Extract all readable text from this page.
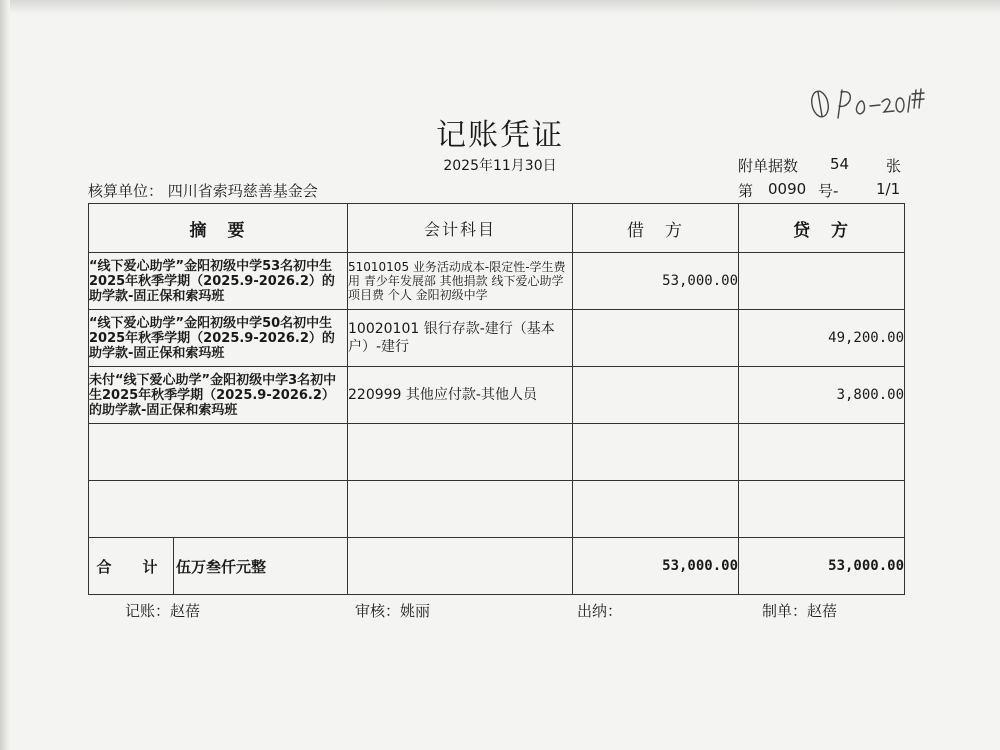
记账凭证
2025年11月30日	附单据数 54 张
核算单位： 四川省索玛慈善基金会	第 0090 号-	1/1
摘　要	会计科目	借　方	贷　方
“线下爱心助学”金阳初级中学53名初中生2025年秋季学期（2025.9-2026.2）的助学款-固正保和索玛班	51010105 业务活动成本-限定性-学生费用 青少年发展部 其他捐款 线下爱心助学 项目费 个人 金阳初级中学	53,000.00	
“线下爱心助学”金阳初级中学50名初中生2025年秋季学期（2025.9-2026.2）的助学款-固正保和索玛班	10020101 银行存款-建行（基本户）-建行		49,200.00
未付“线下爱心助学”金阳初级中学3名初中生2025年秋季学期（2025.9-2026.2）的助学款-固正保和索玛班	220999 其他应付款-其他人员		3,800.00

合　计 伍万叁仟元整		53,000.00	53,000.00
记账：赵蓓	审核：姚丽	出纳：	制单：赵蓓
